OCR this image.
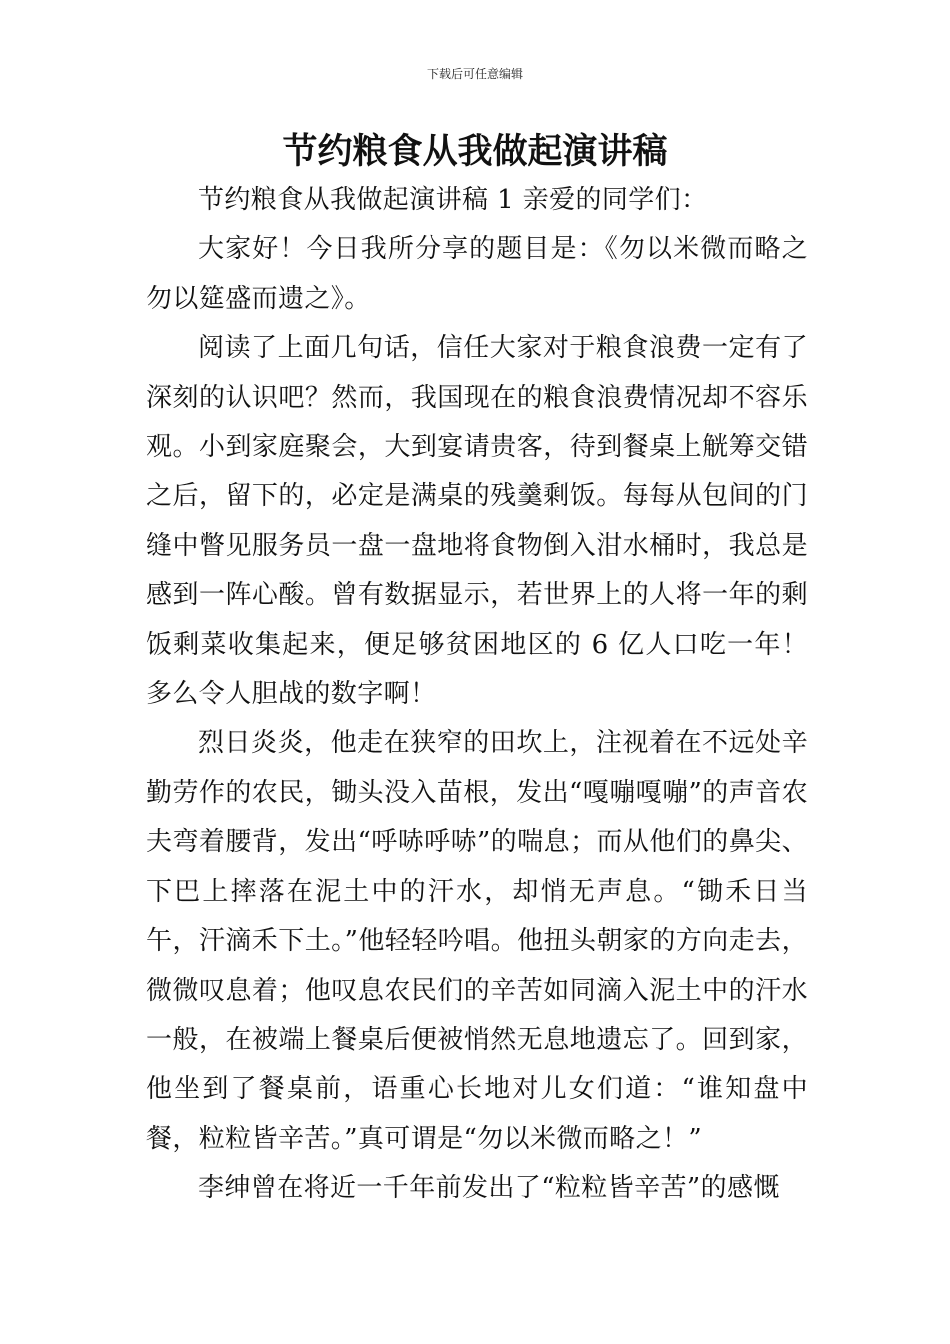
下载后可任意编辑
节约粮食从我做起演讲稿

节约粮食从我做起演讲稿 1 亲爱的同学们：

大家好！今日我所分享的题目是：《勿以米微而略之勿以筵盛而遗之》。

阅读了上面几句话，信任大家对于粮食浪费一定有了深刻的认识吧？然而，我国现在的粮食浪费情况却不容乐观。小到家庭聚会，大到宴请贵客，待到餐桌上觥筹交错之后，留下的，必定是满桌的残羹剩饭。每每从包间的门缝中瞥见服务员一盘一盘地将食物倒入泔水桶时，我总是感到一阵心酸。曾有数据显示，若世界上的人将一年的剩饭剩菜收集起来，便足够贫困地区的 6 亿人口吃一年！多么令人胆战的数字啊！

烈日炎炎，他走在狭窄的田坎上，注视着在不远处辛勤劳作的农民，锄头没入苗根，发出“嘎嘣嘎嘣”的声音农夫弯着腰背，发出“呼哧呼哧”的喘息；而从他们的鼻尖、下巴上摔落在泥土中的汗水，却悄无声息。“锄禾日当午，汗滴禾下土。”他轻轻吟唱。他扭头朝家的方向走去，微微叹息着；他叹息农民们的辛苦如同滴入泥土中的汗水一般，在被端上餐桌后便被悄然无息地遗忘了。回到家，他坐到了餐桌前，语重心长地对儿女们道：“谁知盘中餐，粒粒皆辛苦。”真可谓是“勿以米微而略之！”

李绅曾在将近一千年前发出了“粒粒皆辛苦”的感慨
